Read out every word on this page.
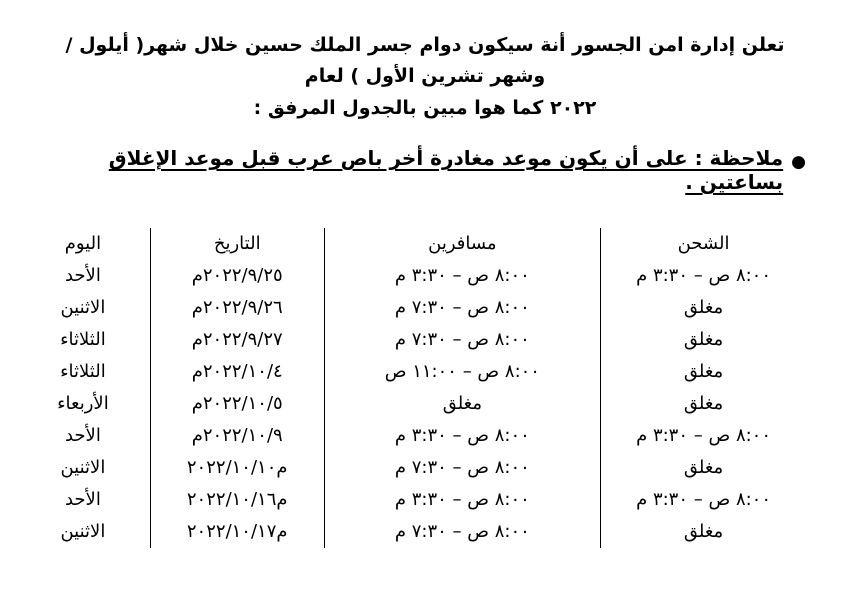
تعلن إدارة امن الجسور أنة سيكون دوام جسر الملك حسين خلال شهر( أيلول / وشهر تشرين الأول ) لعام
٢٠٢٢ كما هوا مبين بالجدول المرفق :
●
ملاحظة : على أن يكون موعد مغادرة أخر باص عرب قبل موعد الإغلاق بساعتين .
الشحن	مسافرين	التاريخ	اليوم
٨:٠٠ ص – ٣:٣٠ م	٨:٠٠ ص – ٣:٣٠ م	٢٠٢٢/٩/٢٥م	الأحد
مغلق	٨:٠٠ ص – ٧:٣٠ م	٢٠٢٢/٩/٢٦م	الاثنين
مغلق	٨:٠٠ ص – ٧:٣٠ م	٢٠٢٢/٩/٢٧م	الثلاثاء
مغلق	٨:٠٠ ص – ١١:٠٠ ص	٢٠٢٢/١٠/٤م	الثلاثاء
مغلق	مغلق	٢٠٢٢/١٠/٥م	الأربعاء
٨:٠٠ ص – ٣:٣٠ م	٨:٠٠ ص – ٣:٣٠ م	٢٠٢٢/١٠/٩م	الأحد
مغلق	٨:٠٠ ص – ٧:٣٠ م	م٢٠٢٢/١٠/١٠	الاثنين
٨:٠٠ ص – ٣:٣٠ م	٨:٠٠ ص – ٣:٣٠ م	م٢٠٢٢/١٠/١٦	الأحد
مغلق	٨:٠٠ ص – ٧:٣٠ م	م٢٠٢٢/١٠/١٧	الاثنين
